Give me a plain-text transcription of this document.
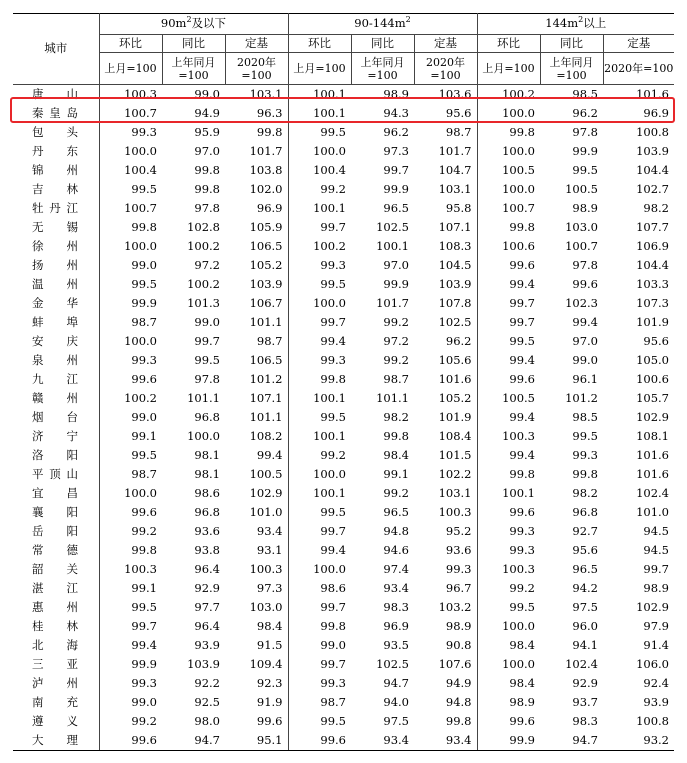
城市	$90m^2$及以下			$90-144m^2$			$144m^2$以上		
	环比	同比	定基	环比	同比	定基	环比	同比	定基
	上月=100	上年同月=100	2020年=100	上月=100	上年同月=100	2020年=100	上月=100	上年同月=100	2020年=100

唐 山	100.3	99.0	103.1	100.1	98.9	103.6	100.2	98.5	101.6

秦 皇 岛	100.7	94.9	96.3	100.1	94.3	95.6	100.0	96.2	96.9

包 头	99.3	95.9	99.8	99.5	96.2	98.7	99.8	97.8	100.8

丹 东	100.0	97.0	101.7	100.0	97.3	101.7	100.0	99.9	103.9

锦 州	100.4	99.8	103.8	100.4	99.7	104.7	100.5	99.5	104.4

吉 林	99.5	99.8	102.0	99.2	99.9	103.1	100.0	100.5	102.7

牡 丹 江	100.7	97.8	96.9	100.1	96.5	95.8	100.7	98.9	98.2

无 锡	99.8	102.8	105.9	99.7	102.5	107.1	99.8	103.0	107.7

徐 州	100.0	100.2	106.5	100.2	100.1	108.3	100.6	100.7	106.9

扬 州	99.0	97.2	105.2	99.3	97.0	104.5	99.6	97.8	104.4

温 州	99.5	100.2	103.9	99.5	99.9	103.9	99.4	99.6	103.3

金 华	99.9	101.3	106.7	100.0	101.7	107.8	99.7	102.3	107.3

蚌 埠	98.7	99.0	101.1	99.7	99.2	102.5	99.7	99.4	101.9

安 庆	100.0	99.7	98.7	99.4	97.2	96.2	99.5	97.0	95.6

泉 州	99.3	99.5	106.5	99.3	99.2	105.6	99.4	99.0	105.0

九 江	99.6	97.8	101.2	99.8	98.7	101.6	99.6	96.1	100.6

赣 州	100.2	101.1	107.1	100.1	101.1	105.2	100.5	101.2	105.7

烟 台	99.0	96.8	101.1	99.5	98.2	101.9	99.4	98.5	102.9

济 宁	99.1	100.0	108.2	100.1	99.8	108.4	100.3	99.5	108.1

洛 阳	99.5	98.1	99.4	99.2	98.4	101.5	99.4	99.3	101.6

平 顶 山	98.7	98.1	100.5	100.0	99.1	102.2	99.8	99.8	101.6

宜 昌	100.0	98.6	102.9	100.1	99.2	103.1	100.1	98.2	102.4

襄 阳	99.6	96.8	101.0	99.5	96.5	100.3	99.6	96.8	101.0

岳 阳	99.2	93.6	93.4	99.7	94.8	95.2	99.3	92.7	94.5

常 德	99.8	93.8	93.1	99.4	94.6	93.6	99.3	95.6	94.5

韶 关	100.3	96.4	100.3	100.0	97.4	99.3	100.3	96.5	99.7

湛 江	99.1	92.9	97.3	98.6	93.4	96.7	99.2	94.2	98.9

惠 州	99.5	97.7	103.0	99.7	98.3	103.2	99.5	97.5	102.9

桂 林	99.7	96.4	98.4	99.8	96.9	98.9	100.0	96.0	97.9

北 海	99.4	93.9	91.5	99.0	93.5	90.8	98.4	94.1	91.4

三 亚	99.9	103.9	109.4	99.7	102.5	107.6	100.0	102.4	106.0

泸 州	99.3	92.2	92.3	99.3	94.7	94.9	98.4	92.9	92.4

南 充	99.0	92.5	91.9	98.7	94.0	94.8	98.9	93.7	93.9

遵 义	99.2	98.0	99.6	99.5	97.5	99.8	99.6	98.3	100.8

大 理	99.6	94.7	95.1	99.6	93.4	93.4	99.9	94.7	93.2
